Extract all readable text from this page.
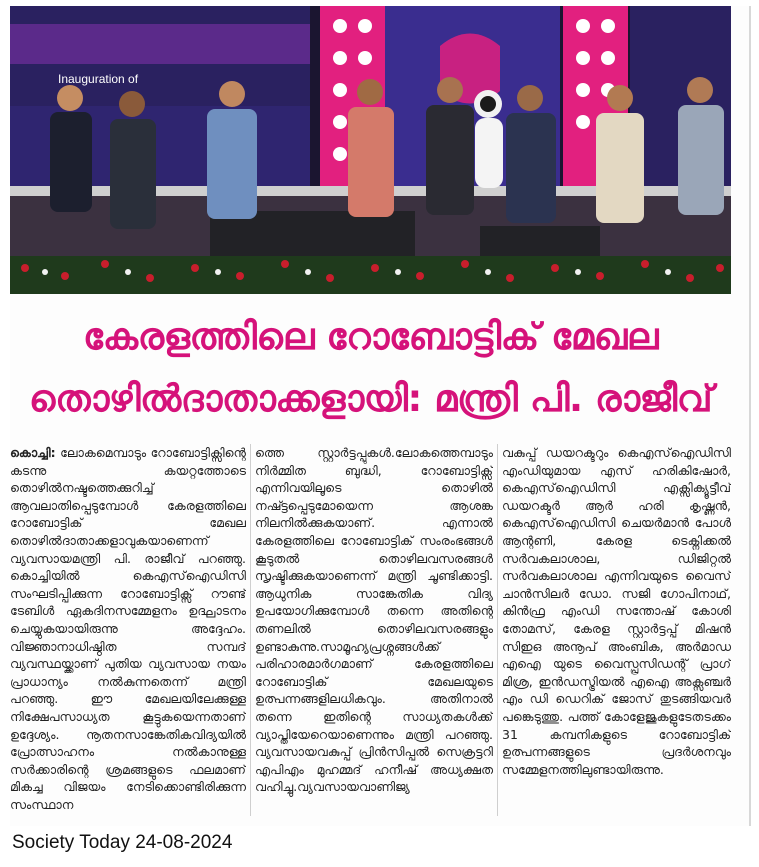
Inauguration of
കേരളത്തിലെ റോബോട്ടിക് മേഖല
തൊഴിൽദാതാക്കളായി: മന്ത്രി പി. രാജീവ്
കൊച്ചി: ലോകമെമ്പാടും റോബോട്ടിക്സിന്റെ കടന്നു കയറ്റത്തോടെ തൊഴിൽനഷ്ടത്തെക്കുറിച്ച് ആവലാതിപ്പെടുമ്പോൾ കേരളത്തിലെ റോബോട്ടിക് മേഖല തൊഴിൽദാതാക്കളാവുകയാണെന്ന് വ്യവസായമന്ത്രി പി. രാജീവ് പറഞ്ഞു. കൊച്ചിയിൽ കെഎസ്ഐഡിസി സംഘടിപ്പിക്കുന്ന റോബോട്ടിക്സ് റൗണ്ട് ടേബിൾ ഏകദിനസമ്മേളനം ഉദ്ഘാടനം ചെയ്യുകയായിരുന്നു അദ്ദേഹം. വിജ്ഞാനാധിഷ്ഠിത സമ്പദ് വ്യവസ്ഥയ്ക്കാണ് പുതിയ വ്യവസായ നയം പ്രാധാന്യം നൽകുന്നതെന്ന് മന്ത്രി പറഞ്ഞു. ഈ മേഖലയിലേക്കുള്ള നിക്ഷേപസാധ്യത കൂട്ടുകയെന്നതാണ് ഉദ്ദേശ്യം. നൂതനസാങ്കേതികവിദ്യയിൽ പ്രോത്സാഹനം നൽകാനുള്ള സർക്കാരിന്റെ ശ്രമങ്ങളുടെ ഫലമാണ് മികച്ച വിജയം നേടിക്കൊണ്ടിരിക്കുന്ന സംസ്ഥാന
ത്തെ സ്റ്റാർട്ടപ്പുകൾ.ലോകത്തെമ്പാടും നിർമ്മിത ബുദ്ധി, റോബോട്ടിക്സ് എന്നിവയിലൂടെ തൊഴിൽ നഷ്ട്ടപ്പെടുമോയെന്ന ആശങ്ക നിലനിൽക്കുകയാണ്. എന്നാൽ കേരളത്തിലെ റോബോട്ടിക് സംരംഭങ്ങൾ കൂടുതൽ തൊഴിലവസരങ്ങൾ സൃഷ്ടിക്കുകയാണെന്ന് മന്ത്രി ചൂണ്ടിക്കാട്ടി. ആധുനിക സാങ്കേതിക വിദ്യ ഉപയോഗിക്കുമ്പോൾ തന്നെ അതിന്റെ തണലിൽ തൊഴിലവസരങ്ങളും ഉണ്ടാകുന്നു.സാമൂഹ്യപ്രശ്നങ്ങൾക്ക് പരിഹാരമാർഗമാണ് കേരളത്തിലെ റോബോട്ടിക് മേഖലയുടെ ഉത്പന്നങ്ങളിലധികവും. അതിനാൽ തന്നെ ഇതിന്റെ സാധ്യതകൾക്ക് വ്യാപ്തിയേറെയാണെന്നും മന്ത്രി പറഞ്ഞു. വ്യവസായവകുപ്പ് പ്രിൻസിപ്പൽ സെക്രട്ടറി എപിഎം മുഹമ്മദ് ഹനീഷ് അധ്യക്ഷത വഹിച്ചു.വ്യവസായവാണിജ്യ
വകുപ്പ് ഡയറക്ടറും കെഎസ്ഐഡിസി എംഡിയുമായ എസ് ഹരികിഷോർ, കെഎസ്ഐഡിസി എക്സിക്യൂട്ടീവ് ഡയറക്ടർ ആർ ഹരി കൃഷ്ണൻ, കെഎസ്ഐഡിസി ചെയർമാൻ പോൾ ആന്റണി, കേരള ടെക്നിക്കൽ സർവകലാശാല, ഡിജിറ്റൽ സർവകലാശാല എന്നിവയുടെ വൈസ് ചാൻസിലർ ഡോ. സജി ഗോപിനാഥ്, കിൻഫ്ര എംഡി സന്തോഷ് കോശി തോമസ്, കേരള സ്റ്റാർട്ടപ്പ് മിഷൻ സിഇഒ അനൂപ് അംബിക, അർമാഡ എഐ യുടെ വൈസ്പ്രസിഡന്റ് പ്രാഗ് മിശ്ര, ഇൻഡസ്ട്രിയൽ എഐ അക്സഞ്ചർ എം ഡി ഡെറിക് ജോസ് തുടങ്ങിയവർ പങ്കെടുത്തു. പത്ത് കോളേജുകളുടേതടക്കം 31 കമ്പനികളുടെ റോബോട്ടിക് ഉത്പന്നങ്ങളുടെ പ്രദർശനവും സമ്മേളനത്തിലുണ്ടായിരുന്നു.
Society Today 24-08-2024
